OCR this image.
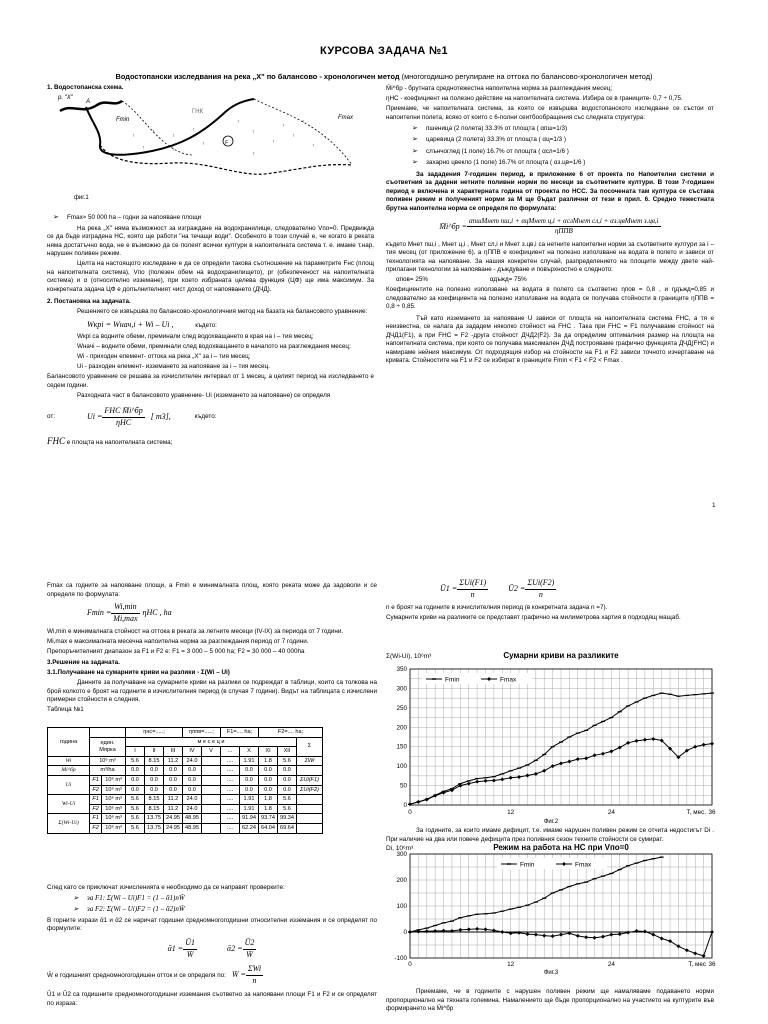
КУРСОВА ЗАДАЧА №1
Водостопански изследвания на река „X" по балансово - хронологичен метод (многогодишно регулиране на оттока по балансово-хронологичен метод)

1. Водостопанска схема.

р. "Х"
А
ГНК
Fmin	Fmax
F
фиг.1
↑
↑
↑
↑
↑
↑
↑
↑
↑
↑
↑
↑
↑
↑
↑
↑
➢ Fmax≈ 50 000 ha – годни за напояване площи

На река „Х" няма възможност за изграждане на водохранилище, следователно Vпо=0. Предвижда се да бъде изградена НС, която ще работи "на течащи води". Особеното в този случай е, че когато в реката няма достатъчно вода, не е възможно да се полеят всички култури в напоителната система т. е. имаме т.нар. нарушен поливен режим.

Целта на настоящото изследване е да се определи такова съотношение на параметрите Fнс (площ на напоителната система), Vпо (полезен обем на водохранилището), pr (обезпеченост на напоителната система) и α (относително изземане), при което избраната целева функция (ЦФ) ще има максимум. За конкретната задача ЦФ е допълнителният чист доход от напояването (ДЧД).

2. Постановка на задачата.

Решението се извършва по балансово-хронологичния метод на базата на балансовото уравнение:

Wкрi = Wнач,i + Wi – Ui ,	където:

Wкрi са водните обеми, преминали след водохващането в края на i – тия месец;

Wначi – водните обеми, преминали след водохващането в началото на разглеждания месец;

Wi - приходен елемент- оттока на река „Х" за i – тия месец;

Ui - разходен елемент- изземането за напояване за i – тия месец.

Балансовото уравнение се решава за изчислителен интервал от 1 месец, а целият период на изследването е седем години.

Разходната част в балансовото уравнение- Ui (изземането за напояване) се определя

от:	$Ui = \frac{\text{FНС M̄i\textasciicircum{}бр}}{\text{ηНС}}$ [ m3],	където:

FНС е площта на напоителната система;

M̄i^бр - брутната среднотежестна напоителна норма за разглеждания месец;

ηНС - коефициент на полезно действие на напоителната система. Избира се в границите- 0,7 ÷ 0,75.

Приемаме, че напоителната система, за която се извършва водостопанското изследване се състои от напоителни полета, всяко от които с 6-полни сеитбообращения със следната структура:

➢ пшеница (2 полета) 33.3% от площта ( αпш=1/3)
➢ царевица (2 полета) 33.3% от площта ( αц=1/3 )
➢ слънчоглед (1 поле) 16.7% от площта ( αсл=1/6 )
➢ захарно цвекло (1 поле) 16.7% от площта ( αз.цв=1/6 )

За зададения 7-годишен период, в приложение 6 от проекта по Напоителни системи и съответния за дадени нетните поливни норми по месеци за съответните култури. В този 7-годишен период е включена и характерната година от проекта по НСС. За посочената там култура се състава поливен режим и полученият норми за M ще бъдат различни от тези в прил. 6. Средно тежестната брутна напоителна норма се определя по формулата:

M̄i^бр = $\frac{\text{αпшMнет пш,i + αцMнет ц,i + αслMнет сл,i + αз.цвMнет з.цв,i}}{\text{ηППВ}}$

където Mнет пш,i , Mнет ц,i , Mнет сл,i и Mнет з.цв,i са нетните напоителни норми за съответните култури за i – тия месец (от приложение 6), а ηППВ е коефициент на полезно използване на водата в полето и зависи от технологията на напояване. За нашия конкретен случай, разпределението на площите между двете най-прилагани технологии за напояване - дъждуване и повърхностно е следното:

αпов= 25%	αдъжд= 75%

Коефициентите на полезно използване на водата в полето са съответно ηпов = 0,8 , и ηдъжд=0,85 и следователно за коефициента на полезно използване на водата се получава стойности в границите ηППВ = 0,8 ÷ 0,85.

Тъй като изземането за напояване U зависи от площта на напоителната система FНС, а тя е неизвестна, се налага да зададем няколко стойност на FНС . Така при FНС = F1 получаваме стойност на ДЧД1(F1), а при FНС = F2 -друга стойност ДЧД2(F2). За да определим оптималния размер на площта на напоителната система, при която се получава максимален ДЧД построяваме графично функцията ДЧД(FНС) и намираме нейния максимум. От подходящия избор на стойности на F1 и F2 зависи точното изчертаване на кривата. Стойностите на F1 и F2 се избират в границите Fmin < F1 < F2 < Fmax .

1

Fmax са годните за напояване площи, а Fmin е минималната площ, която реката може да задоволи и се определя по формулата:

$Fmin = \frac{Wi,\min}{Mi,\max}$ ηНС , ha

Wi,min е минималната стойност на оттока в реката за летните месеци (IV-IX) за периода от 7 години.

Mi,max е максималната месечна напоителна норма за разглеждания период от 7 години.

Препоръчителният диапазон за F1 и F2 е: F1 = 3 000 – 5 000 ha; F2 = 30 000 – 40 000ha

3.Решение на задачата.

3.1.Получаване на сумарните криви на разлики - Σ(Wi – Ui)

Данните за получаване на сумарните криви на разлики се подреждат в таблици, които са толкова на брой колкото е броят на годините в изчислителния период (в случая 7 години). Видът на таблицата с изчислени примерни стойности е следния.

Таблица №1

година			ηнс=.....;			ηппв=.....;		F1=.... ha;		F2=.... ha;		
	един. Мярка		м е с е ц и									Σ
			I	II	III	IV	V	...	X	XI	XII	
Wi	10⁶ m³		5.6	8.15	11.2	24.0		....	1.91	1.8	5.6	ΣWi
Mi^бр	m³/ha		0.0	0.0	0.0	0.0		....	0.0	0.0	0.0	
Ui	F1	10⁶ m³	0.0	0.0	0.0	0.0		....	0.0	0.0	0.0	ΣUi(F1)
	F2	10⁶ m³	0.0	0.0	0.0	0.0		....	0.0	0.0	0.0	ΣUi(F2)
Wi-Ui	F1	10⁶ m³	5.6	8.15	11.2	24.0		....	1.91	1.8	5.6	
	F2	10⁶ m³	5.6	8.15	11.2	24.0		....	1.91	1.8	5.6	
Σ(Wi-Ui)	F1	10⁶ m³	5.6	13.75	24.95	48.95		....	91.94	93.74	99.34	
	F2	10⁶ m³	5.6	13.75	24.95	48.95		....	62.24	64.04	69.64	

След като се приключат изчисленията е необходимо да се направят проверките:

➢ за F1: Σ(Wi – Ui)F1 = (1 – ᾱ1)nW̄
➢ за F2: Σ(Wi – Ui)F2 = (1 – ᾱ2)nW̄

В горните изрази ᾱ1 и ᾱ2 се наричат годишни средномногогодишни относителни изземания и се определят по формулите:

ᾱ1 = $\frac{Ū1}{W̄}$	ᾱ2 = $\frac{Ū2}{W̄}$
W̄ e годишният средномногогодишен отток и се определя по: W̄ = $\frac{\text{ΣWi}}{n}$

Ū1 и Ū2 са годишните средномногогодишни изземания съответно за напоявани площи F1 и F2 и се определят по израза:

Ū1 = $\frac{\text{ΣUi(F1)}}{n}$	Ū2 = $\frac{\text{ΣUi(F2)}}{n}$

n е броят на годините в изчислителния период (в конкретната задача n =7).

Сумарните криви на разликите се представят графично на милиметрова хартия в подходящ мащаб.

Сумарни криви на разликите
Σ(Wi-Ui), 10⁶m³
0
50
100
150
200
250
300
350
0	12	24	36
T, мес.
Фиг.2
Fmin	Fmax

За годините, за които имаме дефицит, т.е. имаме нарушен поливен режим се отчита недостигът Di . При наличие на два или повече дефицита през поливния сезон техните стойности се сумират.

Режим на работа на НС при Vпо=0
Di, 10⁶m³
-100
0
100
200
300
0	12	24	36
T, мес
Фиг.3
Fmin	Fmax

Приемаме, че в годините с нарушен поливен режим ще намаляваме подаването норми пропорционално на тяхната големина. Намалението ще бъде пропорционално на участието на културите във формирането на M̄i^бр
